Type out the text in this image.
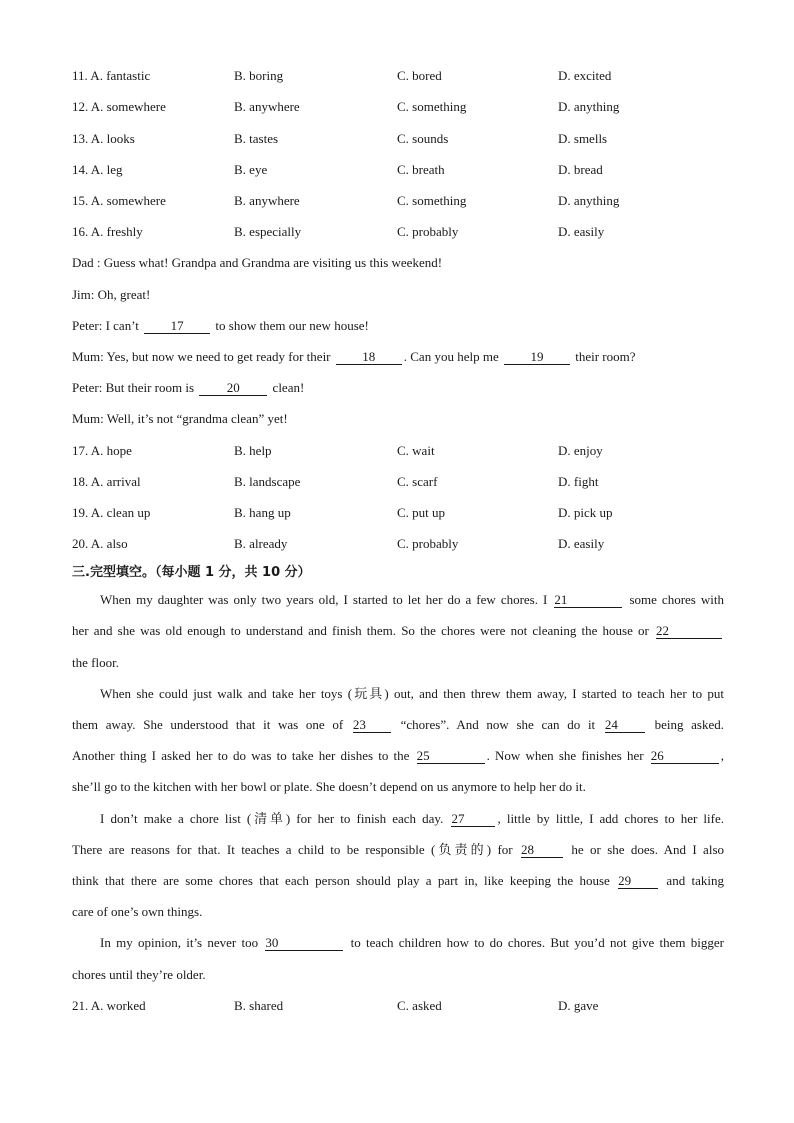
11. A. fantastic	B. boring	C. bored	D. excited
12. A. somewhere	B. anywhere	C. something	D. anything
13. A. looks	B. tastes	C. sounds	D. smells
14. A. leg	B. eye	C. breath	D. bread
15. A. somewhere	B. anywhere	C. something	D. anything
16. A. freshly	B. especially	C. probably	D. easily
Dad : Guess what! Grandpa and Grandma are visiting us this weekend!
Jim: Oh, great!
Peter: I can’t 17 to show them our new house!
Mum: Yes, but now we need to get ready for their 18 . Can you help me 19 their room?
Peter: But their room is 20 clean!
Mum: Well, it’s not “grandma clean” yet!
17. A. hope	B. help	C. wait	D. enjoy
18. A. arrival	B. landscape	C. scarf	D. fight
19. A. clean up	B. hang up	C. put up	D. pick up
20. A. also	B. already	C. probably	D. easily
三.完型填空。（每小题 1 分，共 10 分）
When my daughter was only two years old, I started to let her do a few chores. I 21	some chores with
her and she was old enough to understand and finish them. So the chores were not cleaning the house or 22
the floor.
When she could just walk and take her toys (玩具) out, and then threw them away, I started to teach her to put
them away. She understood that it was one of 23 “chores”. And now she can do it 24 being asked.
Another thing I asked her to do was to take her dishes to the 25	. Now when she finishes her 26	,
she’ll go to the kitchen with her bowl or plate. She doesn’t depend on us anymore to help her do it.
I don’t make a chore list (清单) for her to finish each day. 27	, little by little, I add chores to her life.
There are reasons for that. It teaches a child to be responsible (负责的) for 28 he or she does. And I also
think that there are some chores that each person should play a part in, like keeping the house 29 and taking
care of one’s own things.
In my opinion, it’s never too 30	to teach children how to do chores. But you’d not give them bigger
chores until they’re older.
21. A. worked	B. shared	C. asked	D. gave
